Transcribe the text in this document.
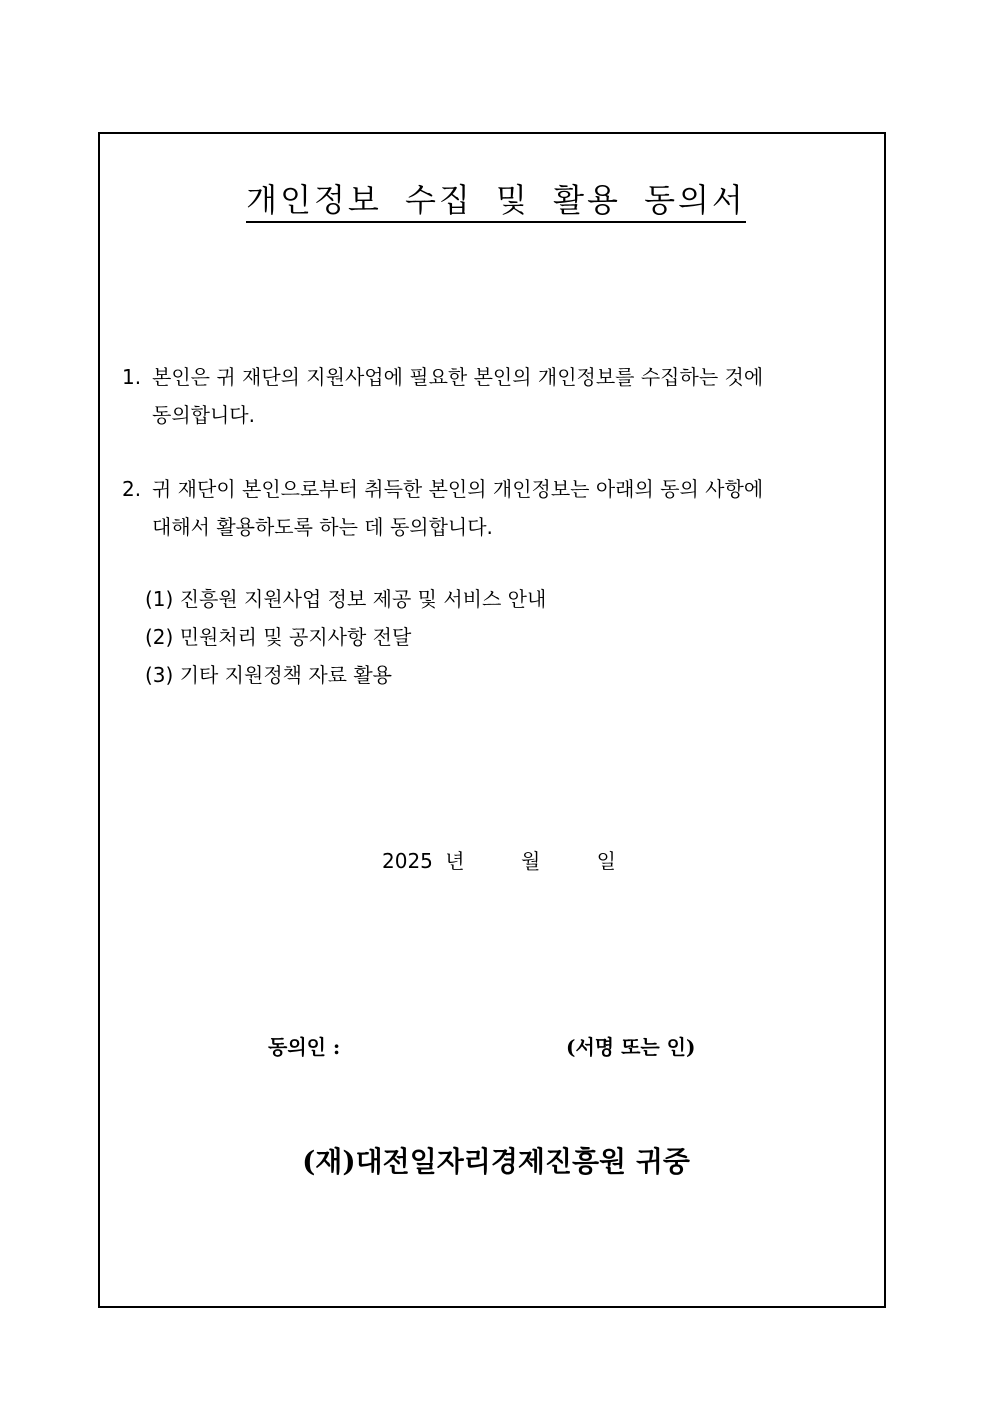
개인정보 수집 및 활용 동의서
1. 본인은 귀 재단의 지원사업에 필요한 본인의 개인정보를 수집하는 것에
동의합니다.
2. 귀 재단이 본인으로부터 취득한 본인의 개인정보는 아래의 동의 사항에
대해서 활용하도록 하는 데 동의합니다.
(1) 진흥원 지원사업 정보 제공 및 서비스 안내
(2) 민원처리 및 공지사항 전달
(3) 기타 지원정책 자료 활용
2025 년	월	일
동의인 :	(서명 또는 인)
(재)대전일자리경제진흥원 귀중
